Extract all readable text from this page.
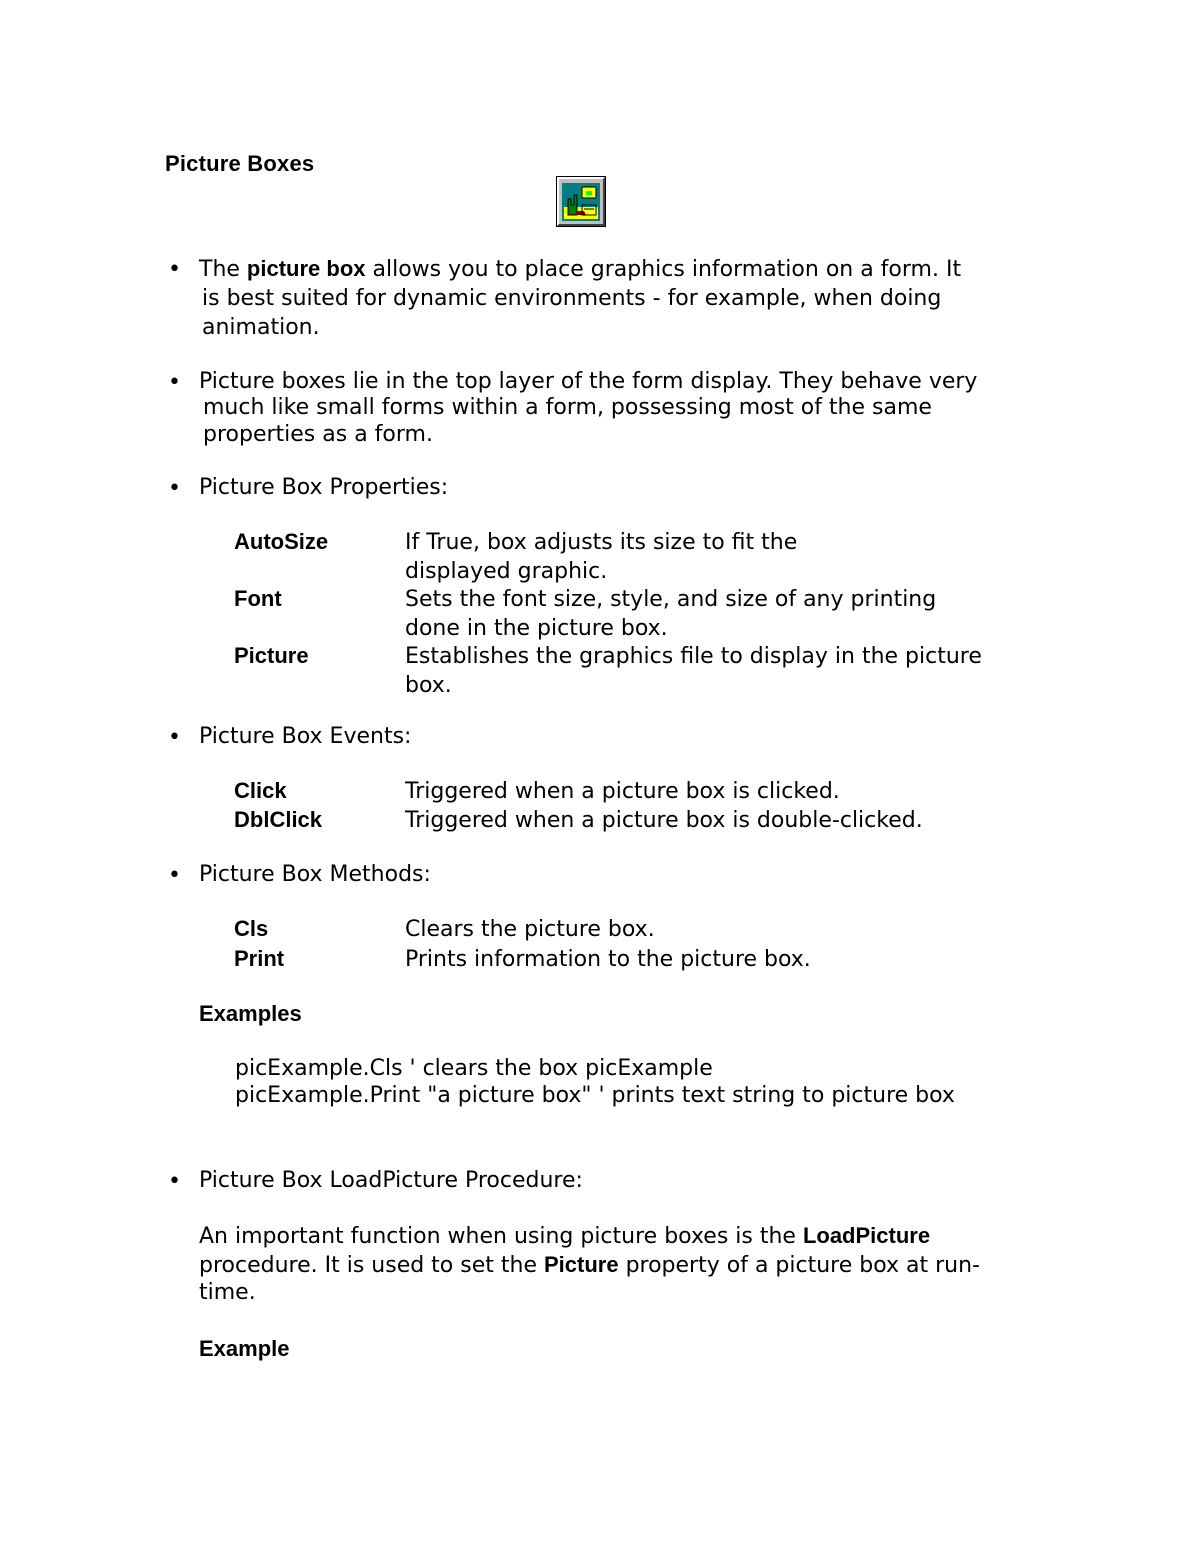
Picture Boxes
• The picture box allows you to place graphics information on a form. It
is best suited for dynamic environments - for example, when doing
animation.
• Picture boxes lie in the top layer of the form display. They behave very
much like small forms within a form, possessing most of the same
properties as a form.
• Picture Box Properties:
AutoSize	If True, box adjusts its size to fit the
displayed graphic.
Font	Sets the font size, style, and size of any printing
done in the picture box.
Picture	Establishes the graphics file to display in the picture
box.
• Picture Box Events:
Click	Triggered when a picture box is clicked.
DblClick	Triggered when a picture box is double-clicked.
• Picture Box Methods:
Cls	Clears the picture box.
Print	Prints information to the picture box.
Examples
picExample.Cls ' clears the box picExample
picExample.Print "a picture box" ' prints text string to picture box
• Picture Box LoadPicture Procedure:
An important function when using picture boxes is the LoadPicture
procedure. It is used to set the Picture property of a picture box at run-
time.
Example
